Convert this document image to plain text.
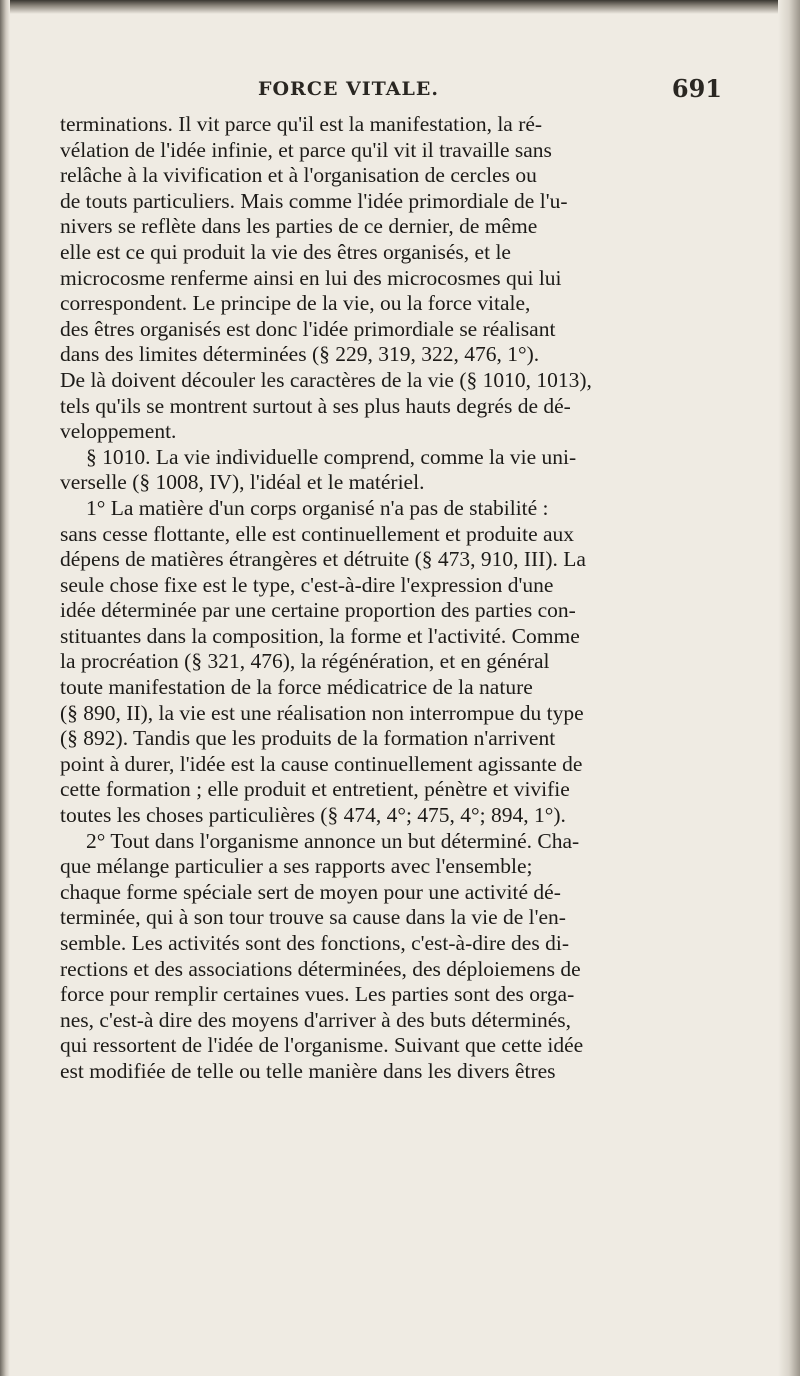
FORCE VITALE.	691
terminations. Il vit parce qu'il est la manifestation, la ré-
vélation de l'idée infinie, et parce qu'il vit il travaille sans
relâche à la vivification et à l'organisation de cercles ou
de touts particuliers. Mais comme l'idée primordiale de l'u-
nivers se reflète dans les parties de ce dernier, de même
elle est ce qui produit la vie des êtres organisés, et le
microcosme renferme ainsi en lui des microcosmes qui lui
correspondent. Le principe de la vie, ou la force vitale,
des êtres organisés est donc l'idée primordiale se réalisant
dans des limites déterminées (§ 229, 319, 322, 476, 1°).
De là doivent découler les caractères de la vie (§ 1010, 1013),
tels qu'ils se montrent surtout à ses plus hauts degrés de dé-
veloppement.
§ 1010. La vie individuelle comprend, comme la vie uni-
verselle (§ 1008, IV), l'idéal et le matériel.
1° La matière d'un corps organisé n'a pas de stabilité :
sans cesse flottante, elle est continuellement et produite aux
dépens de matières étrangères et détruite (§ 473, 910, III). La
seule chose fixe est le type, c'est-à-dire l'expression d'une
idée déterminée par une certaine proportion des parties con-
stituantes dans la composition, la forme et l'activité. Comme
la procréation (§ 321, 476), la régénération, et en général
toute manifestation de la force médicatrice de la nature
(§ 890, II), la vie est une réalisation non interrompue du type
(§ 892). Tandis que les produits de la formation n'arrivent
point à durer, l'idée est la cause continuellement agissante de
cette formation ; elle produit et entretient, pénètre et vivifie
toutes les choses particulières (§ 474, 4°; 475, 4°; 894, 1°).
2° Tout dans l'organisme annonce un but déterminé. Cha-
que mélange particulier a ses rapports avec l'ensemble;
chaque forme spéciale sert de moyen pour une activité dé-
terminée, qui à son tour trouve sa cause dans la vie de l'en-
semble. Les activités sont des fonctions, c'est-à-dire des di-
rections et des associations déterminées, des déploiemens de
force pour remplir certaines vues. Les parties sont des orga-
nes, c'est-à dire des moyens d'arriver à des buts déterminés,
qui ressortent de l'idée de l'organisme. Suivant que cette idée
est modifiée de telle ou telle manière dans les divers êtres
